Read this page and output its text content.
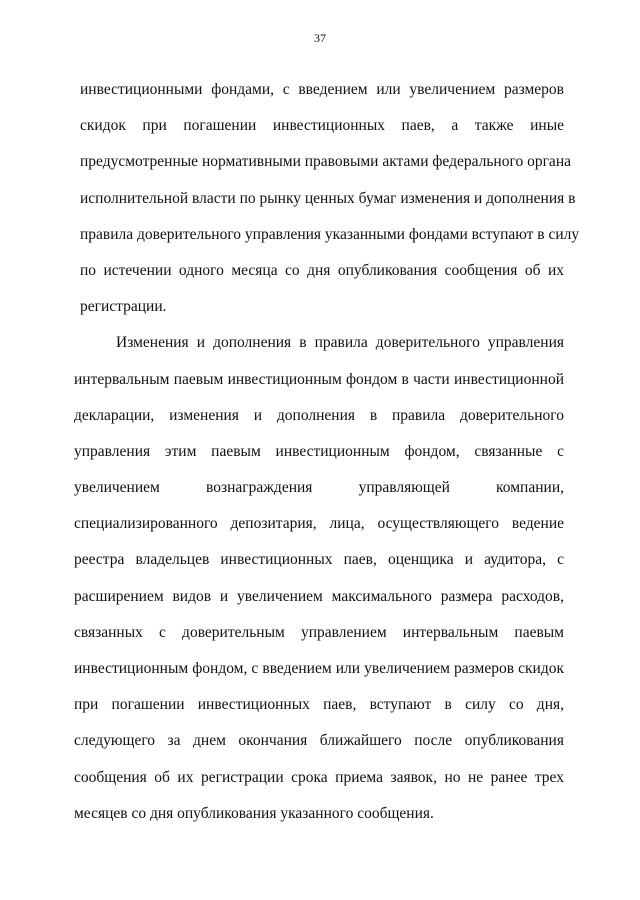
37
инвестиционными фондами, с введением или увеличением размеров
скидок при погашении инвестиционных паев, а также иные
предусмотренные нормативными правовыми актами федерального органа
исполнительной власти по рынку ценных бумаг изменения и дополнения в
правила доверительного управления указанными фондами вступают в силу
по истечении одного месяца со дня опубликования сообщения об их
регистрации.
Изменения и дополнения в правила доверительного управления
интервальным паевым инвестиционным фондом в части инвестиционной
декларации, изменения и дополнения в правила доверительного
управления этим паевым инвестиционным фондом, связанные с
увеличением вознаграждения управляющей компании,
специализированного депозитария, лица, осуществляющего ведение
реестра владельцев инвестиционных паев, оценщика и аудитора, с
расширением видов и увеличением максимального размера расходов,
связанных с доверительным управлением интервальным паевым
инвестиционным фондом, с введением или увеличением размеров скидок
при погашении инвестиционных паев, вступают в силу со дня,
следующего за днем окончания ближайшего после опубликования
сообщения об их регистрации срока приема заявок, но не ранее трех
месяцев со дня опубликования указанного сообщения.
